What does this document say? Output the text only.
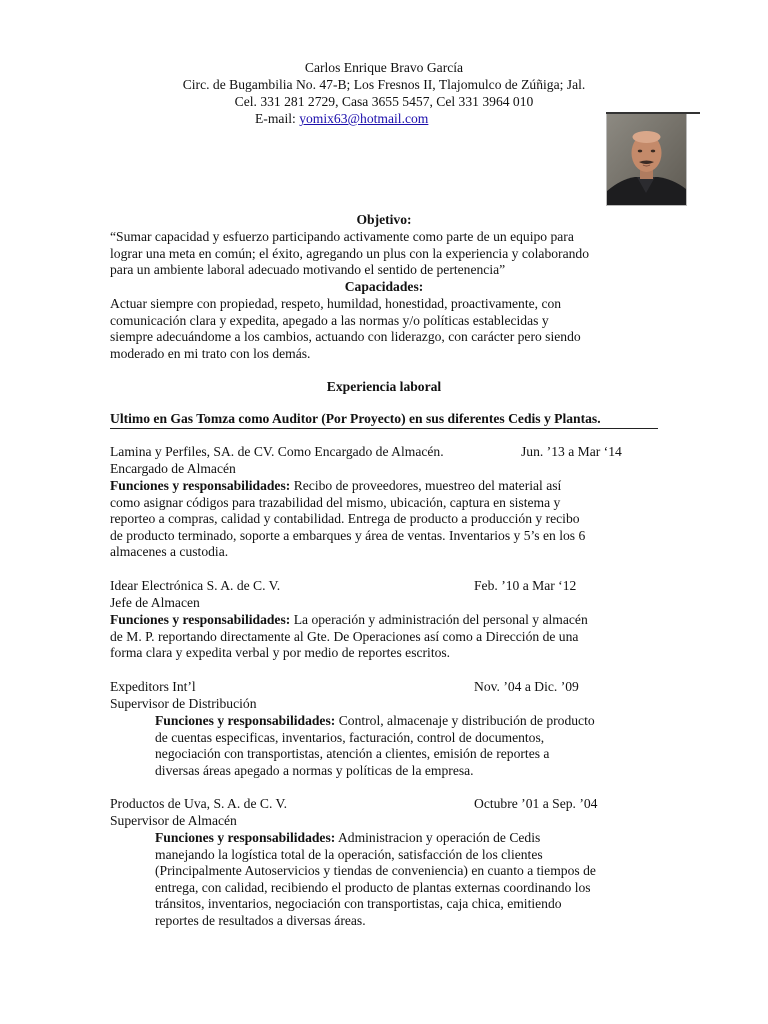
Carlos Enrique Bravo García
Circ. de Bugambilia No. 47-B; Los Fresnos II, Tlajomulco de Zúñiga; Jal.
Cel. 331 281 2729, Casa 3655 5457, Cel 331 3964 010
E-mail: yomix63@hotmail.com
Objetivo:
“Sumar capacidad y esfuerzo participando activamente como parte de un equipo para
lograr una meta en común; el éxito, agregando un plus con la experiencia y colaborando
para un ambiente laboral adecuado motivando el sentido de pertenencia”
Capacidades:
Actuar siempre con propiedad, respeto, humildad, honestidad, proactivamente, con
comunicación clara y expedita, apegado a las normas y/o políticas establecidas y
siempre adecuándome a los cambios, actuando con liderazgo, con carácter pero siendo
moderado en mi trato con los demás.
Experiencia laboral
Ultimo en Gas Tomza como Auditor (Por Proyecto) en sus diferentes Cedis y Plantas.
Lamina y Perfiles, SA. de CV. Como Encargado de Almacén.	Jun. ’13 a Mar ‘14
Encargado de Almacén
Funciones y responsabilidades: Recibo de proveedores, muestreo del material así
como asignar códigos para trazabilidad del mismo, ubicación, captura en sistema y
reporteo a compras, calidad y contabilidad. Entrega de producto a producción y recibo
de producto terminado, soporte a embarques y área de ventas. Inventarios y 5’s en los 6
almacenes a custodia.
Idear Electrónica S. A. de C. V.	Feb. ’10 a Mar ‘12
Jefe de Almacen
Funciones y responsabilidades: La operación y administración del personal y almacén
de M. P. reportando directamente al Gte. De Operaciones así como a Dirección de una
forma clara y expedita verbal y por medio de reportes escritos.
Expeditors Int’l	Nov. ’04 a Dic. ’09
Supervisor de Distribución
Funciones y responsabilidades: Control, almacenaje y distribución de producto
de cuentas especificas, inventarios, facturación, control de documentos,
negociación con transportistas, atención a clientes, emisión de reportes a
diversas áreas apegado a normas y políticas de la empresa.
Productos de Uva, S. A. de C. V.	Octubre ’01 a Sep. ’04
Supervisor de Almacén
Funciones y responsabilidades: Administracion y operación de Cedis
manejando la logística total de la operación, satisfacción de los clientes
(Principalmente Autoservicios y tiendas de conveniencia) en cuanto a tiempos de
entrega, con calidad, recibiendo el producto de plantas externas coordinando los
tránsitos, inventarios, negociación con transportistas, caja chica, emitiendo
reportes de resultados a diversas áreas.
